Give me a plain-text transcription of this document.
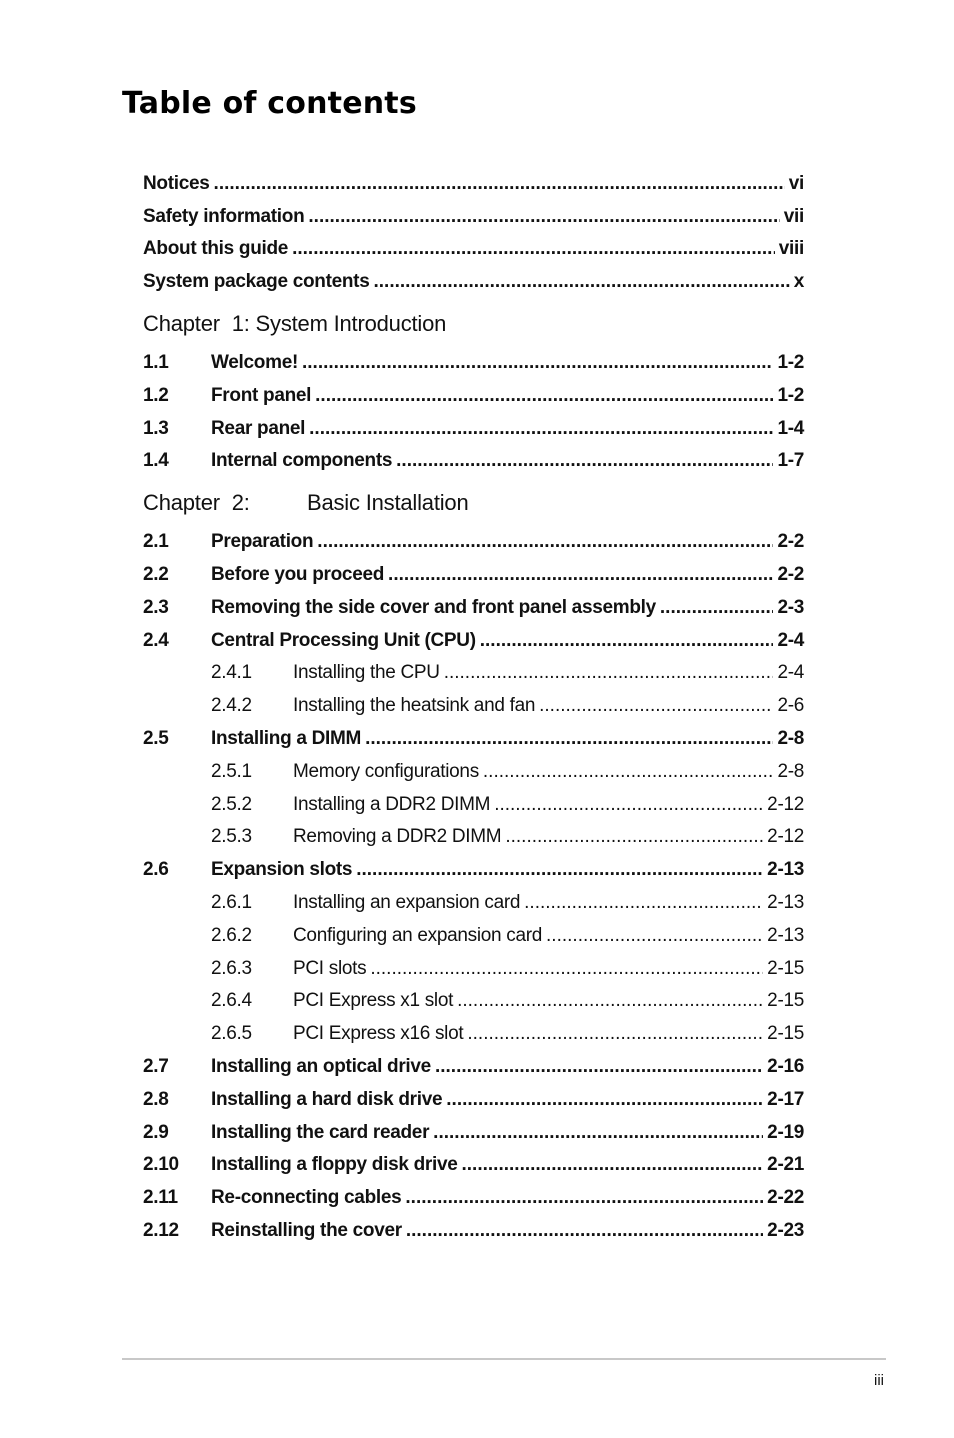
Table of contents
Notices .....	vi
Safety information .....	vii
About this guide .....	viii
System package contents .....	x
Chapter  1: System Introduction
1.1	Welcome! .....	1-2
1.2	Front panel .....	1-2
1.3	Rear panel .....	1-4
1.4	Internal components .....	1-7
Chapter  2:	Basic Installation
2.1	Preparation .....	2-2
2.2	Before you proceed .....	2-2
2.3	Removing the side cover and front panel assembly .....	2-3
2.4	Central Processing Unit (CPU) .....	2-4
2.4.1	Installing the CPU .....	2-4
2.4.2	Installing the heatsink and fan .....	2-6
2.5	Installing a DIMM .....	2-8
2.5.1	Memory configurations .....	2-8
2.5.2	Installing a DDR2 DIMM .....	2-12
2.5.3	Removing a DDR2 DIMM .....	2-12
2.6	Expansion slots .....	2-13
2.6.1	Installing an expansion card .....	2-13
2.6.2	Configuring an expansion card .....	2-13
2.6.3	PCI slots .....	2-15
2.6.4	PCI Express x1 slot .....	2-15
2.6.5	PCI Express x16 slot .....	2-15
2.7	Installing an optical drive .....	2-16
2.8	Installing a hard disk drive .....	2-17
2.9	Installing the card reader .....	2-19
2.10	Installing a floppy disk drive .....	2-21
2.11	Re-connecting cables .....	2-22
2.12	Reinstalling the cover .....	2-23
iii
